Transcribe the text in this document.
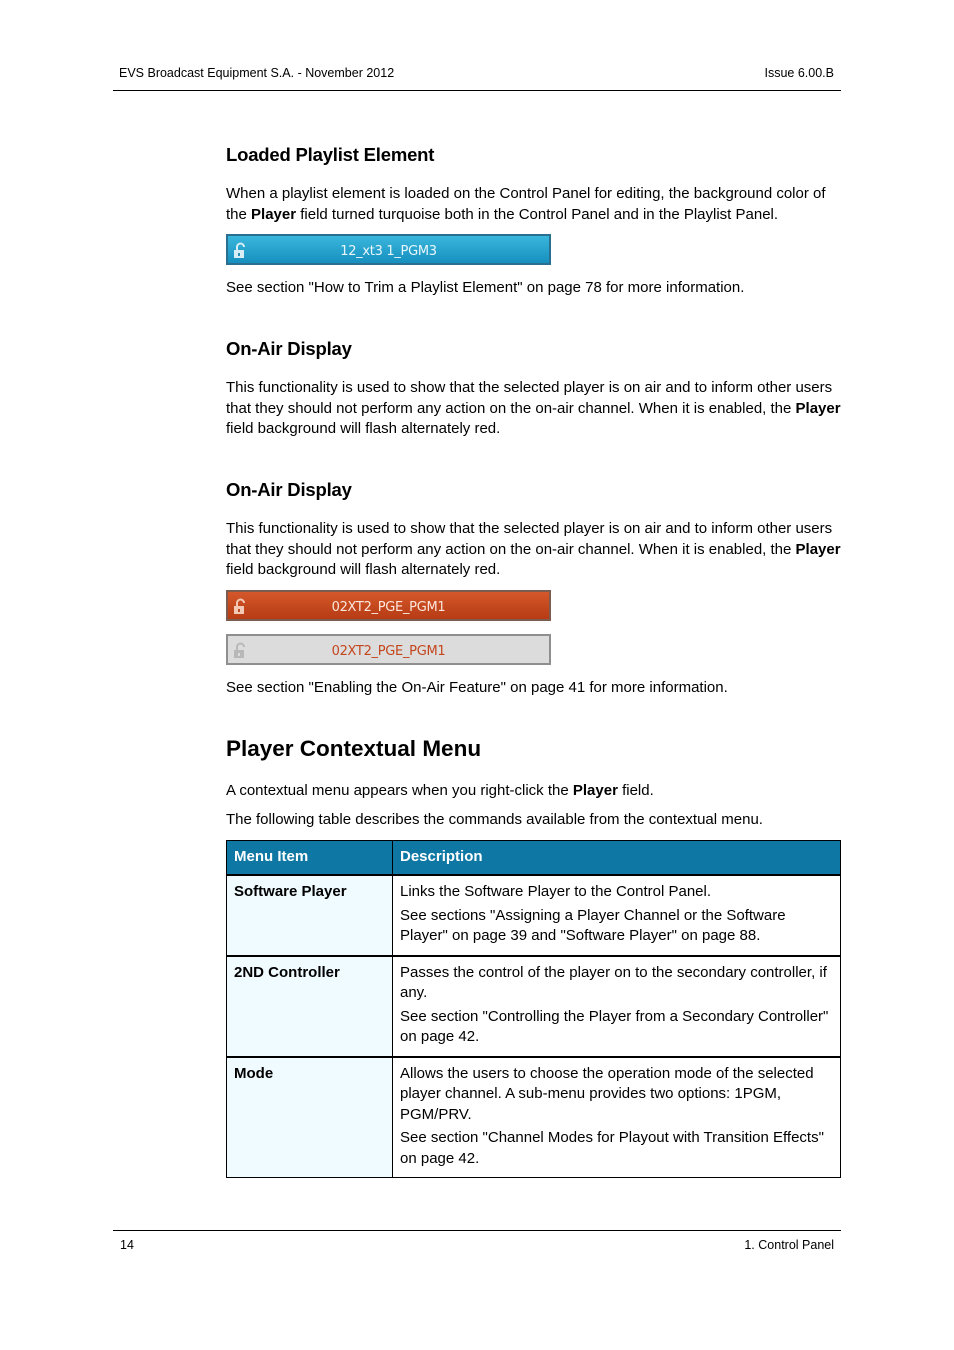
EVS Broadcast Equipment S.A. - November 2012	Issue 6.00.B
Loaded Playlist Element

When a playlist element is loaded on the Control Panel for editing, the background color of the Player field turned turquoise both in the Control Panel and in the Playlist Panel.

12_xt3 1_PGM3

See section "How to Trim a Playlist Element" on page 78 for more information.

On-Air Display

This functionality is used to show that the selected player is on air and to inform other users that they should not perform any action on the on-air channel. When it is enabled, the Player field background will flash alternately red.

On-Air Display

This functionality is used to show that the selected player is on air and to inform other users that they should not perform any action on the on-air channel. When it is enabled, the Player field background will flash alternately red.

02XT2_PGE_PGM1
02XT2_PGE_PGM1

See section "Enabling the On-Air Feature" on page 41 for more information.

Player Contextual Menu

A contextual menu appears when you right-click the Player field.

The following table describes the commands available from the contextual menu.

Menu Item	Description
Software Player	Links the Software Player to the Control Panel.
See sections "Assigning a Player Channel or the Software Player" on page 39 and "Software Player" on page 88.

2ND Controller	Passes the control of the player on to the secondary controller, if any.
See section "Controlling the Player from a Secondary Controller" on page 42.

Mode	Allows the users to choose the operation mode of the selected player channel. A sub-menu provides two options: 1PGM, PGM/PRV.
See section "Channel Modes for Playout with Transition Effects" on page 42.
14	1. Control Panel
